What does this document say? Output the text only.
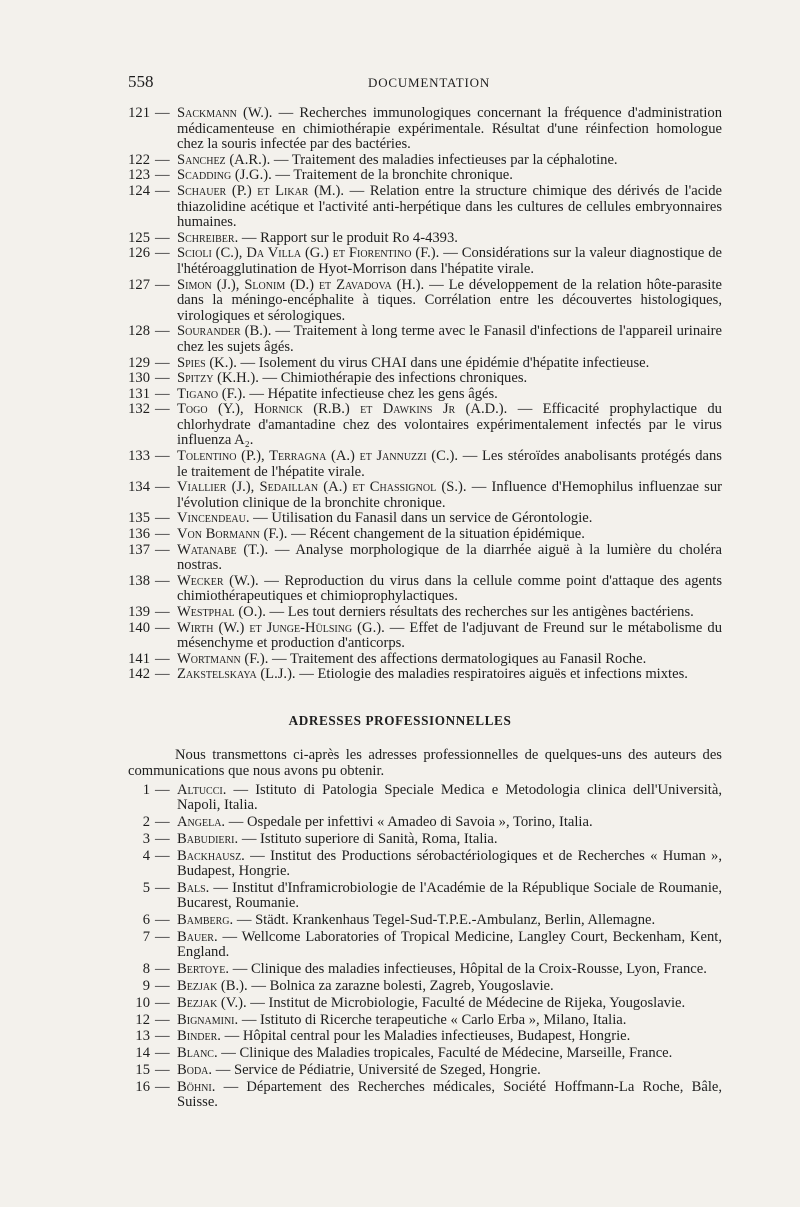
558	DOCUMENTATION
121 — Sackmann (W.). — Recherches immunologiques concernant la fréquence d'administration médicamenteuse en chimiothérapie expérimentale. Résultat d'une réinfection homologue chez la souris infectée par des bactéries.
122 — Sanchez (A.R.). — Traitement des maladies infectieuses par la céphalotine.
123 — Scadding (J.G.). — Traitement de la bronchite chronique.
124 — Schauer (P.) et Likar (M.). — Relation entre la structure chimique des dérivés de l'acide thiazolidine acétique et l'activité anti-herpétique dans les cultures de cellules embryonnaires humaines.
125 — Schreiber. — Rapport sur le produit Ro 4-4393.
126 — Scioli (C.), Da Villa (G.) et Fiorentino (F.). — Considérations sur la valeur diagnostique de l'hétéroagglutination de Hyot-Morrison dans l'hépatite virale.
127 — Simon (J.), Slonim (D.) et Zavadova (H.). — Le développement de la relation hôte-parasite dans la méningo-encéphalite à tiques. Corrélation entre les découvertes histologiques, virologiques et sérologiques.
128 — Sourander (B.). — Traitement à long terme avec le Fanasil d'infections de l'appareil urinaire chez les sujets âgés.
129 — Spies (K.). — Isolement du virus CHAI dans une épidémie d'hépatite infectieuse.
130 — Spitzy (K.H.). — Chimiothérapie des infections chroniques.
131 — Tigano (F.). — Hépatite infectieuse chez les gens âgés.
132 — Togo (Y.), Hornick (R.B.) et Dawkins Jr (A.D.). — Efficacité prophylactique du chlorhydrate d'amantadine chez des volontaires expérimentalement infectés par le virus influenza A₂.
133 — Tolentino (P.), Terragna (A.) et Jannuzzi (C.). — Les stéroïdes anabolisants protégés dans le traitement de l'hépatite virale.
134 — Viallier (J.), Sedaillan (A.) et Chassignol (S.). — Influence d'Hemophilus influenzae sur l'évolution clinique de la bronchite chronique.
135 — Vincendeau. — Utilisation du Fanasil dans un service de Gérontologie.
136 — Von Bormann (F.). — Récent changement de la situation épidémique.
137 — Watanabe (T.). — Analyse morphologique de la diarrhée aiguë à la lumière du choléra nostras.
138 — Wecker (W.). — Reproduction du virus dans la cellule comme point d'attaque des agents chimiothérapeutiques et chimioprophylactiques.
139 — Westphal (O.). — Les tout derniers résultats des recherches sur les antigènes bactériens.
140 — Wirth (W.) et Junge-Hülsing (G.). — Effet de l'adjuvant de Freund sur le métabolisme du mésenchyme et production d'anticorps.
141 — Wortmann (F.). — Traitement des affections dermatologiques au Fanasil Roche.
142 — Zakstelskaya (L.J.). — Etiologie des maladies respiratoires aiguës et infections mixtes.
ADRESSES PROFESSIONNELLES
Nous transmettons ci-après les adresses professionnelles de quelques-uns des auteurs des communications que nous avons pu obtenir.
1 — Altucci. — Istituto di Patologia Speciale Medica e Metodologia clinica dell'Università, Napoli, Italia.
2 — Angela. — Ospedale per infettivi « Amadeo di Savoia », Torino, Italia.
3 — Babudieri. — Istituto superiore di Sanità, Roma, Italia.
4 — Backhausz. — Institut des Productions sérobactériologiques et de Recherches « Human », Budapest, Hongrie.
5 — Bals. — Institut d'Inframicrobiologie de l'Académie de la République Sociale de Roumanie, Bucarest, Roumanie.
6 — Bamberg. — Städt. Krankenhaus Tegel-Sud-T.P.E.-Ambulanz, Berlin, Allemagne.
7 — Bauer. — Wellcome Laboratories of Tropical Medicine, Langley Court, Beckenham, Kent, England.
8 — Bertoye. — Clinique des maladies infectieuses, Hôpital de la Croix-Rousse, Lyon, France.
9 — Bezjak (B.). — Bolnica za zarazne bolesti, Zagreb, Yougoslavie.
10 — Bezjak (V.). — Institut de Microbiologie, Faculté de Médecine de Rijeka, Yougoslavie.
12 — Bignamini. — Istituto di Ricerche terapeutiche « Carlo Erba », Milano, Italia.
13 — Binder. — Hôpital central pour les Maladies infectieuses, Budapest, Hongrie.
14 — Blanc. — Clinique des Maladies tropicales, Faculté de Médecine, Marseille, France.
15 — Boda. — Service de Pédiatrie, Université de Szeged, Hongrie.
16 — Böhni. — Département des Recherches médicales, Société Hoffmann-La Roche, Bâle, Suisse.
